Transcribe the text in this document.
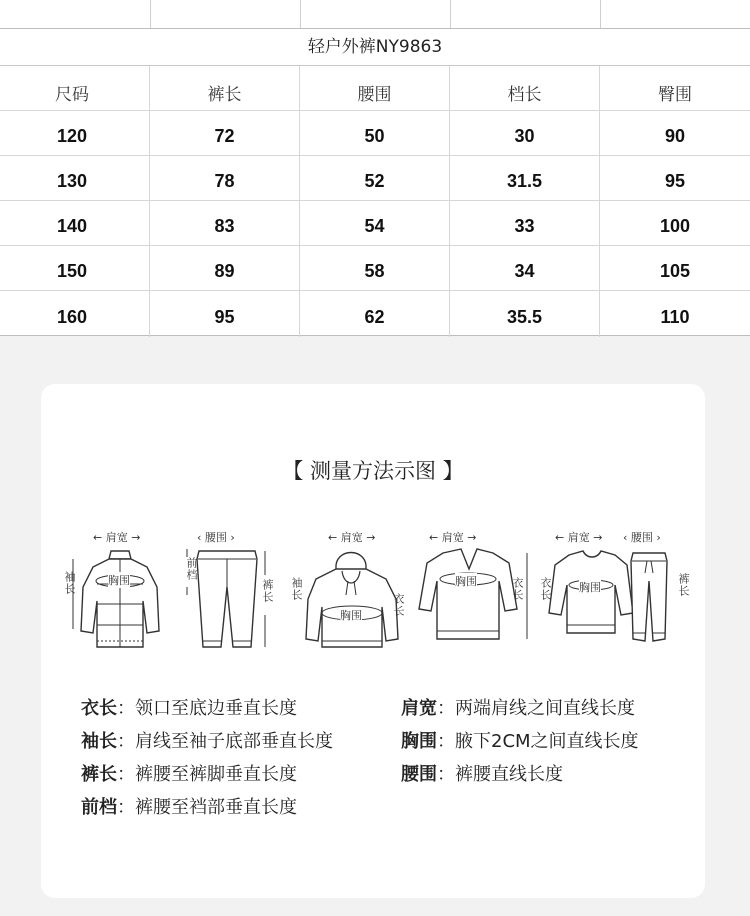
轻户外裤NY9863
尺码	裤长	腰围	档长	臀围
120	72	50	30	90
130	78	52	31.5	95
140	83	54	33	100
150	89	58	34	105
160	95	62	35.5	110
【 测量方法示图 】
← 肩宽 →
袖长	胸围
‹ 腰围 ›
前档
裤长
← 肩宽 →
袖长
衣长
胸围
← 肩宽 →
衣长
胸围
← 肩宽 → ‹ 腰围 ›
衣长	裤长
胸围
衣长：领口至底边垂直长度	肩宽：两端肩线之间直线长度
袖长：肩线至袖子底部垂直长度	胸围：腋下2CM之间直线长度
裤长：裤腰至裤脚垂直长度	腰围：裤腰直线长度
前档：裤腰至裆部垂直长度
